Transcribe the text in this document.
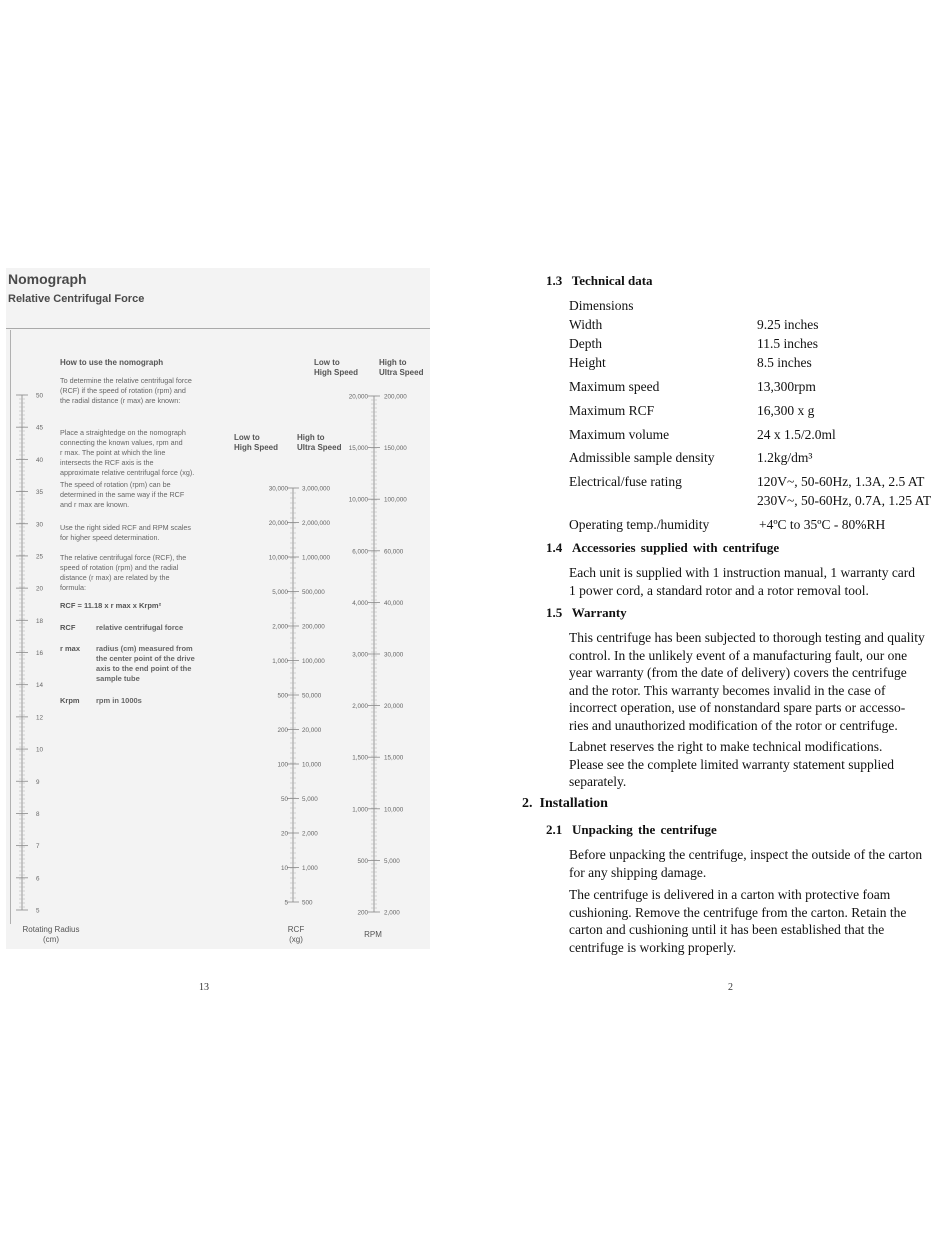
Nomograph
Relative Centrifugal Force
50
45
40
35
30
25
20
18
16
14
12
10
9
8
7
6
5
30,000
20,000
10,000
5,000
2,000
1,000
500
200
100
50
20
10
5
3,000,000
2,000,000
1,000,000
500,000
200,000
100,000
50,000
20,000
10,000
5,000
2,000
1,000
500
20,000
15,000
10,000
6,000
4,000
3,000
2,000
1,500
1,000
500
200
200,000
150,000
100,000
60,000
40,000
30,000
20,000
15,000
10,000
5,000
2,000
How to use the nomograph

To determine the relative centrifugal force
(RCF) if the speed of rotation (rpm) and
the radial distance (r max) are known:

Place a straightedge on the nomograph
connecting the known values, rpm and
r max. The point at which the line
intersects the RCF axis is the
approximate relative centrifugal force (xg).

The speed of rotation (rpm) can be
determined in the same way if the RCF
and r max are known.

Use the right sided RCF and RPM scales
for higher speed determination.

The relative centrifugal force (RCF), the
speed of rotation (rpm) and the radial
distance (r max) are related by the
formula:

RCF = 11.18 x r max x Krpm²
RCF	relative centrifugal force
r max radius (cm) measured from
the center point of the drive
axis to the end point of the
sample tube
Krpm rpm in 1000s
Low to
High Speed
High to
Ultra Speed
Low to
High Speed
High to
Ultra Speed
Rotating Radius
(cm)
RCF
(xg)
RPM
13
1.3 Technical data
Dimensions
Width	9.25 inches
Depth	11.5 inches
Height	8.5 inches
Maximum speed	13,300rpm
Maximum RCF	16,300 x g
Maximum volume	24 x 1.5/2.0ml
Admissible sample density	1.2kg/dm³
Electrical/fuse rating	120V~, 50-60Hz, 1.3A, 2.5 AT
230V~, 50-60Hz, 0.7A, 1.25 AT
Operating temp./humidity	+4ºC to 35ºC - 80%RH
1.4 Accessories supplied with centrifuge

Each unit is supplied with 1 instruction manual, 1 warranty card
1 power cord, a standard rotor and a rotor removal tool.

1.5 Warranty

This centrifuge has been subjected to thorough testing and quality
control. In the unlikely event of a manufacturing fault, our one
year warranty (from the date of delivery) covers the centrifuge
and the rotor. This warranty becomes invalid in the case of
incorrect operation, use of nonstandard spare parts or accesso-
ries and unauthorized modification of the rotor or centrifuge.

Labnet reserves the right to make technical modifications.
Please see the complete limited warranty statement supplied
separately.

2. Installation
2.1 Unpacking the centrifuge

Before unpacking the centrifuge, inspect the outside of the carton
for any shipping damage.

The centrifuge is delivered in a carton with protective foam
cushioning. Remove the centrifuge from the carton. Retain the
carton and cushioning until it has been established that the
centrifuge is working properly.

2
